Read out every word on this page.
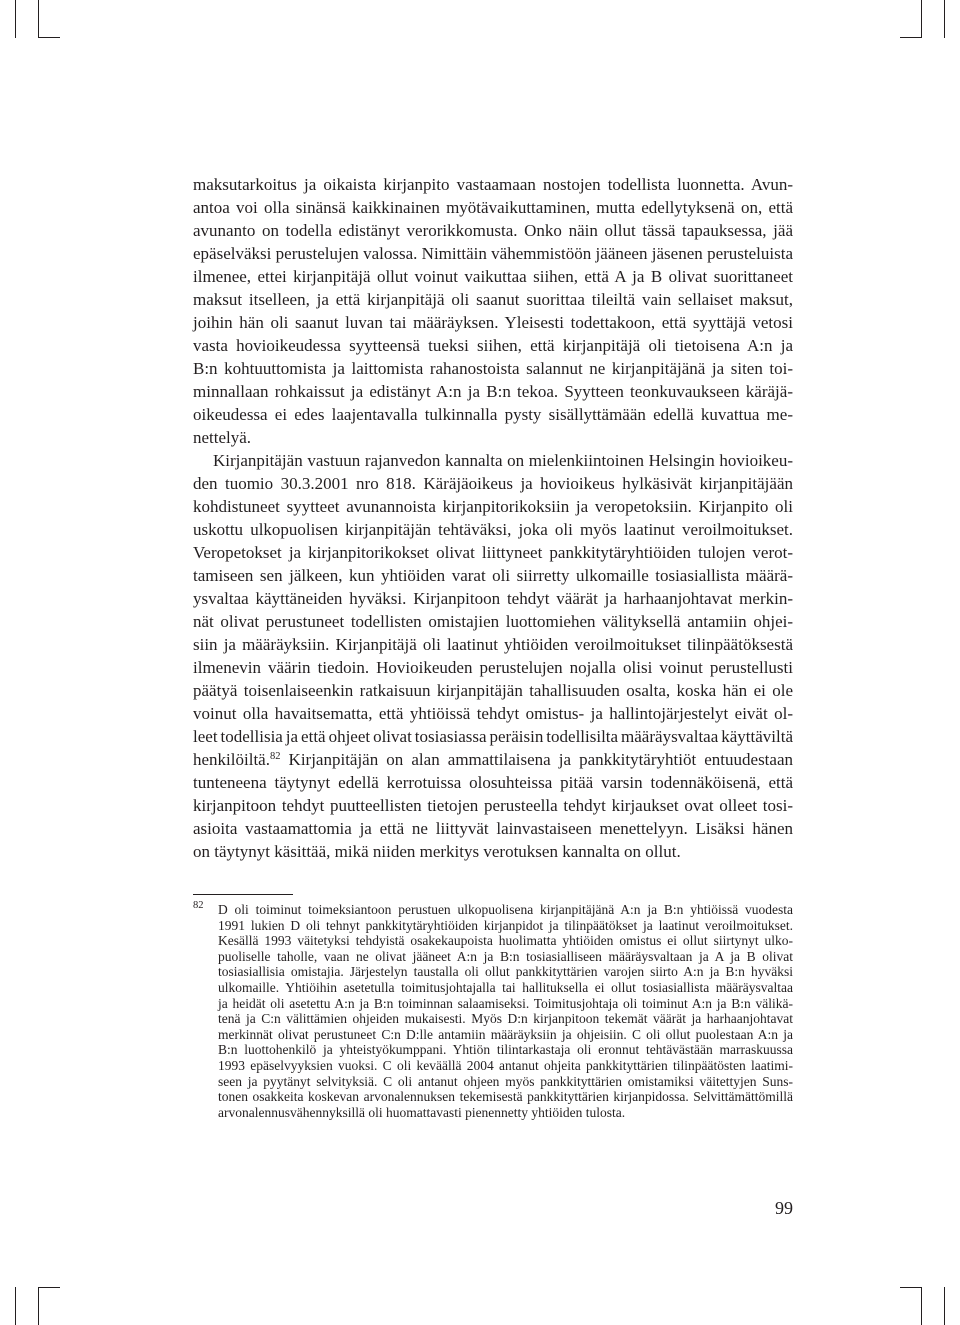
maksutarkoitus ja oikaista kirjanpito vastaamaan nostojen todellista luonnetta. Avun-
antoa voi olla sinänsä kaikkinainen myötävaikuttaminen, mutta edellytyksenä on, että
avunanto on todella edistänyt verorikkomusta. Onko näin ollut tässä tapauksessa, jää
epäselväksi perustelujen valossa. Nimittäin vähemmistöön jääneen jäsenen perusteluista
ilmenee, ettei kirjanpitäjä ollut voinut vaikuttaa siihen, että A ja B olivat suorittaneet
maksut itselleen, ja että kirjanpitäjä oli saanut suorittaa tileiltä vain sellaiset maksut,
joihin hän oli saanut luvan tai määräyksen. Yleisesti todettakoon, että syyttäjä vetosi
vasta hovioikeudessa syytteensä tueksi siihen, että kirjanpitäjä oli tietoisena A:n ja
B:n kohtuuttomista ja laittomista rahanostoista salannut ne kirjanpitäjänä ja siten toi-
minnallaan rohkaissut ja edistänyt A:n ja B:n tekoa. Syytteen teonkuvaukseen käräjä-
oikeudessa ei edes laajentavalla tulkinnalla pysty sisällyttämään edellä kuvattua me-
nettelyä.
Kirjanpitäjän vastuun rajanvedon kannalta on mielenkiintoinen Helsingin hovioikeu-
den tuomio 30.3.2001 nro 818. Käräjäoikeus ja hovioikeus hylkäsivät kirjanpitäjään
kohdistuneet syytteet avunannoista kirjanpitorikoksiin ja veropetoksiin. Kirjanpito oli
uskottu ulkopuolisen kirjanpitäjän tehtäväksi, joka oli myös laatinut veroilmoitukset.
Veropetokset ja kirjanpitorikokset olivat liittyneet pankkitytäryhtiöiden tulojen verot-
tamiseen sen jälkeen, kun yhtiöiden varat oli siirretty ulkomaille tosiasiallista määrä-
ysvaltaa käyttäneiden hyväksi. Kirjanpitoon tehdyt väärät ja harhaanjohtavat merkin-
nät olivat perustuneet todellisten omistajien luottomiehen välityksellä antamiin ohjei-
siin ja määräyksiin. Kirjanpitäjä oli laatinut yhtiöiden veroilmoitukset tilinpäätöksestä
ilmenevin väärin tiedoin. Hovioikeuden perustelujen nojalla olisi voinut perustellusti
päätyä toisenlaiseenkin ratkaisuun kirjanpitäjän tahallisuuden osalta, koska hän ei ole
voinut olla havaitsematta, että yhtiöissä tehdyt omistus- ja hallintojärjestelyt eivät ol-
leet todellisia ja että ohjeet olivat tosiasiassa peräisin todellisilta määräysvaltaa käyttäviltä
henkilöiltä.$^{82}$ Kirjanpitäjän on alan ammattilaisena ja pankkitytäryhtiöt entuudestaan
tunteneena täytynyt edellä kerrotuissa olosuhteissa pitää varsin todennäköisenä, että
kirjanpitoon tehdyt puutteellisten tietojen perusteella tehdyt kirjaukset ovat olleet tosi-
asioita vastaamattomia ja että ne liittyvät lainvastaiseen menettelyyn. Lisäksi hänen
on täytynyt käsittää, mikä niiden merkitys verotuksen kannalta on ollut.
82 D oli toiminut toimeksiantoon perustuen ulkopuolisena kirjanpitäjänä A:n ja B:n yhtiöissä vuodesta
1991 lukien D oli tehnyt pankkitytäryhtiöiden kirjanpidot ja tilinpäätökset ja laatinut veroilmoitukset.
Kesällä 1993 väitetyksi tehdyistä osakekaupoista huolimatta yhtiöiden omistus ei ollut siirtynyt ulko-
puoliselle taholle, vaan ne olivat jääneet A:n ja B:n tosiasialliseen määräysvaltaan ja A ja B olivat
tosiasiallisia omistajia. Järjestelyn taustalla oli ollut pankkityttärien varojen siirto A:n ja B:n hyväksi
ulkomaille. Yhtiöihin asetetulla toimitusjohtajalla tai hallituksella ei ollut tosiasiallista määräysvaltaa
ja heidät oli asetettu A:n ja B:n toiminnan salaamiseksi. Toimitusjohtaja oli toiminut A:n ja B:n välikä-
tenä ja C:n välittämien ohjeiden mukaisesti. Myös D:n kirjanpitoon tekemät väärät ja harhaanjohtavat
merkinnät olivat perustuneet C:n D:lle antamiin määräyksiin ja ohjeisiin. C oli ollut puolestaan A:n ja
B:n luottohenkilö ja yhteistyökumppani. Yhtiön tilintarkastaja oli eronnut tehtävästään marraskuussa
1993 epäselvyyksien vuoksi. C oli keväällä 2004 antanut ohjeita pankkityttärien tilinpäätösten laatimi-
seen ja pyytänyt selvityksiä. C oli antanut ohjeen myös pankkityttärien omistamiksi väitettyjen Suns-
tonen osakkeita koskevan arvonalennuksen tekemisestä pankkityttärien kirjanpidossa. Selvittämättömillä
arvonalennusvähennyksillä oli huomattavasti pienennetty yhtiöiden tulosta.
99
